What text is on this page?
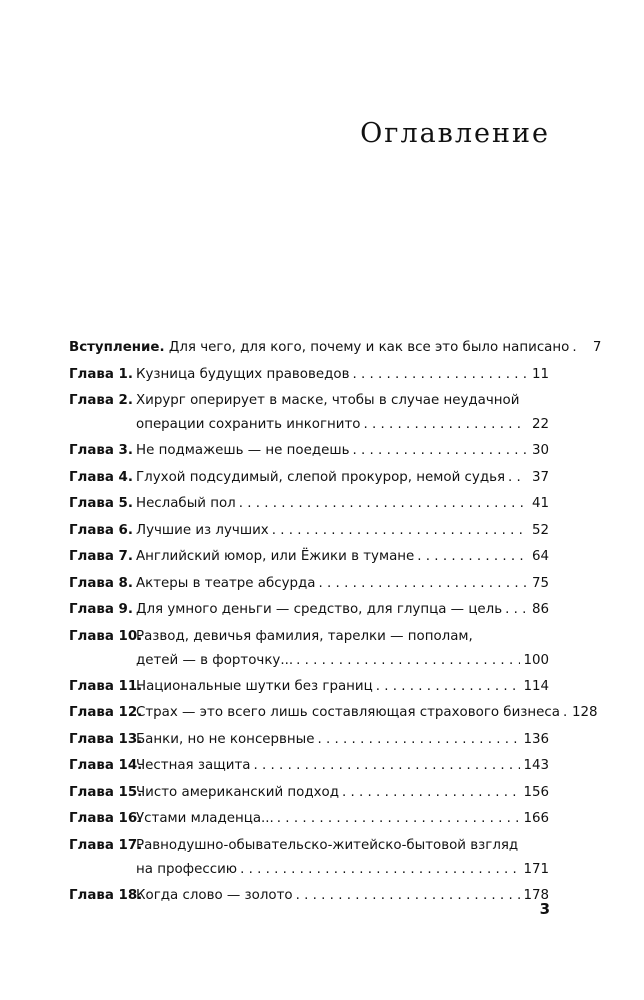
Оглавление
Вступление. Для чего, для кого, почему и как все это было написано . . .	7
Глава 1. Кузница будущих правоведов . . .	11
Глава 2. Хирург оперирует в маске, чтобы в случае неудачной
операции сохранить инкогнито . . .	22
Глава 3. Не подмажешь — не поедешь . . .	30
Глава 4. Глухой подсудимый, слепой прокурор, немой судья . . . 37
Глава 5. Неслабый пол . . .	41
Глава 6. Лучшие из лучших . . .	52
Глава 7. Английский юмор, или Ёжики в тумане . . .	64
Глава 8. Актеры в театре абсурда . . .	75
Глава 9. Для умного деньги — средство, для глупца — цель . . . 86
Глава 10.
Развод, девичья фамилия, тарелки — пополам,
детей — в форточку... . . .	100
Глава 11.
Национальные шутки без границ . . .	114
Глава 12.
Страх — это всего лишь составляющая страхового бизнеса . . . 128
Глава 13.
Банки, но не консервные . . .	136
Глава 14.
Честная защита . . .	143
Глава 15.
Чисто американский подход . . .	156
Глава 16.
Устами младенца... . . .	166
Глава 17.
Равнодушно-обывательско-житейско-бытовой взгляд
на профессию . . .	171
Глава 18.
Когда слово — золото . . .	178
3
